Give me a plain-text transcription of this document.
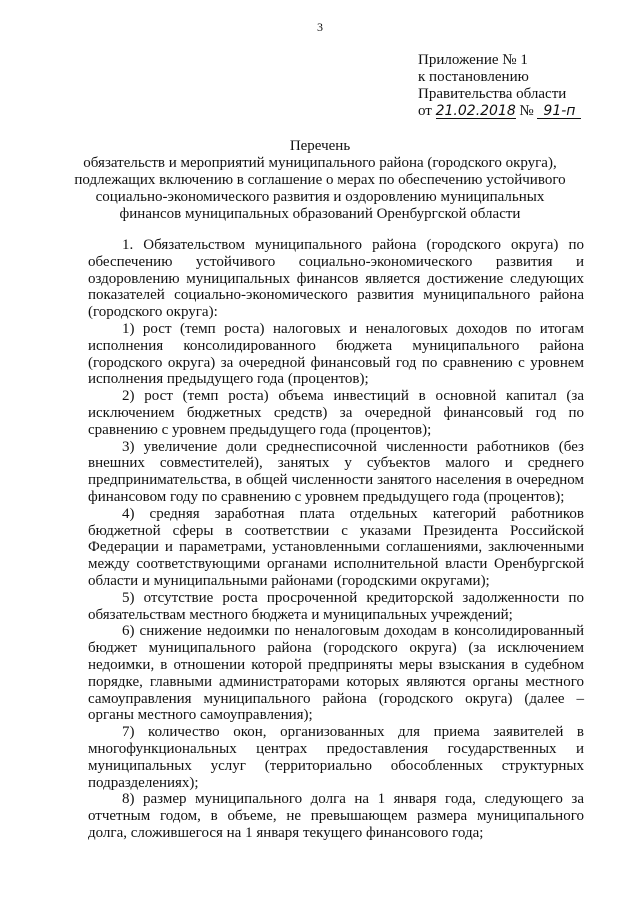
3
Приложение № 1
к постановлению
Правительства области
от 21.02.2018 № 91-п
Перечень
обязательств и мероприятий муниципального района (городского округа),
подлежащих включению в соглашение о мерах по обеспечению устойчивого
социально-экономического развития и оздоровлению муниципальных
финансов муниципальных образований Оренбургской области

1. Обязательством муниципального района (городского округа) по обеспечению устойчивого социально-экономического развития и оздоровлению муниципальных финансов является достижение следующих показателей социально-экономического развития муниципального района (городского округа):

1) рост (темп роста) налоговых и неналоговых доходов по итогам исполнения консолидированного бюджета муниципального района (городского округа) за очередной финансовый год по сравнению с уровнем исполнения предыдущего года (процентов);

2) рост (темп роста) объема инвестиций в основной капитал (за исключением бюджетных средств) за очередной финансовый год по сравнению с уровнем предыдущего года (процентов);

3) увеличение доли среднесписочной численности работников (без внешних совместителей), занятых у субъектов малого и среднего предпринимательства, в общей численности занятого населения в очередном финансовом году по сравнению с уровнем предыдущего года (процентов);

4) средняя заработная плата отдельных категорий работников бюджетной сферы в соответствии с указами Президента Российской Федерации и параметрами, установленными соглашениями, заключенными между соответствующими органами исполнительной власти Оренбургской области и муниципальными районами (городскими округами);

5) отсутствие роста просроченной кредиторской задолженности по обязательствам местного бюджета и муниципальных учреждений;

6) снижение недоимки по неналоговым доходам в консолидированный бюджет муниципального района (городского округа) (за исключением недоимки, в отношении которой предприняты меры взыскания в судебном порядке, главными администраторами которых являются органы местного самоуправления муниципального района (городского округа) (далее – органы местного самоуправления);

7) количество окон, организованных для приема заявителей в многофункциональных центрах предоставления государственных и муниципальных услуг (территориально обособленных структурных подразделениях);

8) размер муниципального долга на 1 января года, следующего за отчетным годом, в объеме, не превышающем размера муниципального долга, сложившегося на 1 января текущего финансового года;
